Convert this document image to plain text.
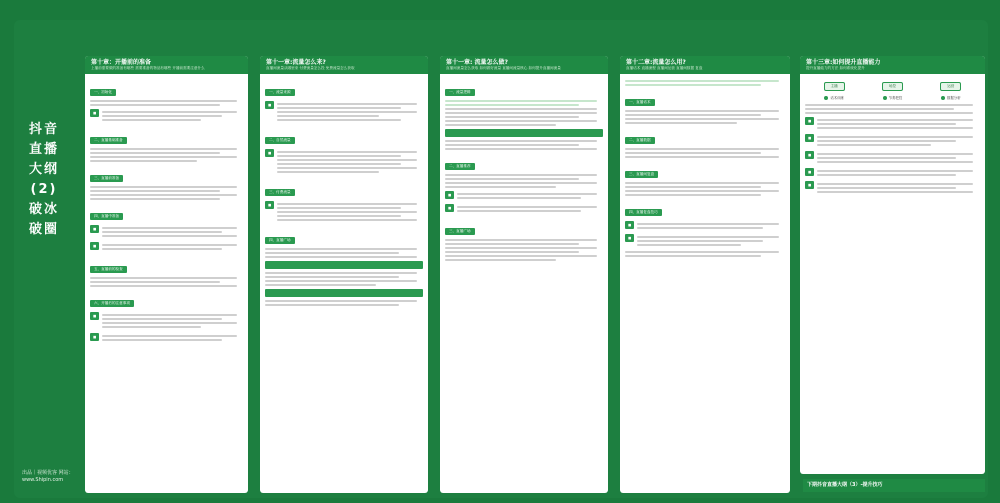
抖音直播大纲(2)破冰破圈
出品｜视频优客 网站：www.Shipin.com
第十章：开播前的准备
上播前需要做的准备有哪些 需要准备的物品有哪些 开播前需要注意什么
一、初始化
■
二、直播基础准备
三、直播前准备
四、直播中准备
■
■
五、直播前的检查
六、开播后的注意事项
■
■
第十一章:流量怎么来?
直播间流量从哪里来 付费流量怎么投 免费流量怎么获取
一、流量来源
■
二、自然流量
■
三、付费流量
■
四、直播广场
第十一章: 流量怎么做?
直播间流量怎么获取 如何做好流量 直播间流量核心 如何提升直播间流量
一、流量逻辑
二、直播推荐
■
■
三、直播广场
第十二章:流量怎么用?
直播话术 直播流程 直播间运营 直播间数据 复盘
一、直播话术
二、直播数据
三、直播间复盘
四、直播复盘技巧
■
■
第十三章:如何提升直播能力
提升直播能力的方法 如何系统化提升
主播	场控	运营
话术训练	节奏把控	数据分析
■
■
■
■
■
下期抖音直播大纲（3）-提升技巧
